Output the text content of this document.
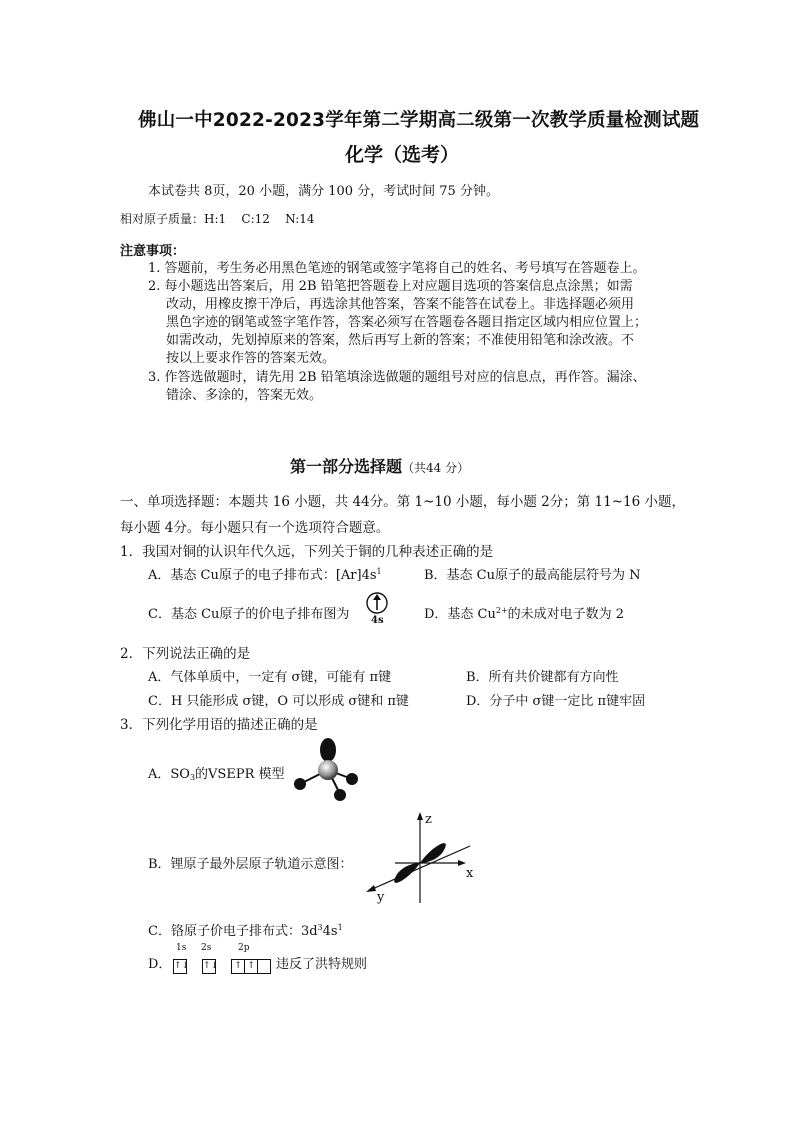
佛山一中2022-2023学年第二学期高二级第一次教学质量检测试题
化学（选考）
本试卷共 8页，20 小题，满分 100 分，考试时间 75 分钟。
相对原子质量：H:1    C:12    N:14
注意事项：
1. 答题前，考生务必用黑色笔迹的钢笔或签字笔将自己的姓名、考号填写在答题卷上。
2. 每小题选出答案后，用 2B 铅笔把答题卷上对应题目选项的答案信息点涂黑；如需
改动，用橡皮擦干净后，再选涂其他答案，答案不能答在试卷上。非选择题必须用
黑色字迹的钢笔或签字笔作答，答案必须写在答题卷各题目指定区域内相应位置上；
如需改动，先划掉原来的答案，然后再写上新的答案；不准使用铅笔和涂改液。不
按以上要求作答的答案无效。
3. 作答选做题时，请先用 2B 铅笔填涂选做题的题组号对应的信息点，再作答。漏涂、
错涂、多涂的，答案无效。
第一部分选择题（共44 分）
一、单项选择题：本题共 16 小题，共 44分。第 1~10 小题，每小题 2分；第 11~16 小题，
每小题 4分。每小题只有一个选项符合题意。
1．我国对铜的认识年代久远，下列关于铜的几种表述正确的是
A．基态 Cu原子的电子排布式：$[Ar]4s^1$	B．基态 Cu原子的最高能层符号为 N
C．基态 Cu原子的价电子排布图为 4s	D．基态 $Cu^{2+}$的未成对电子数为 2
2．下列说法正确的是
A．气体单质中，一定有 σ键，可能有 π键	B．所有共价键都有方向性
C．H 只能形成 σ键，O 可以形成 σ键和 π键	D．分子中 σ键一定比 π键牢固
3．下列化学用语的描述正确的是
A．$SO_3$的VSEPR 模型
B．锂原子最外层原子轨道示意图：
z
x
y
C．铬原子价电子排布式：$3d^34s^1$
D．
1s 2s	2p
↑↓ ↑↓ ↑ ↑	违反了洪特规则
